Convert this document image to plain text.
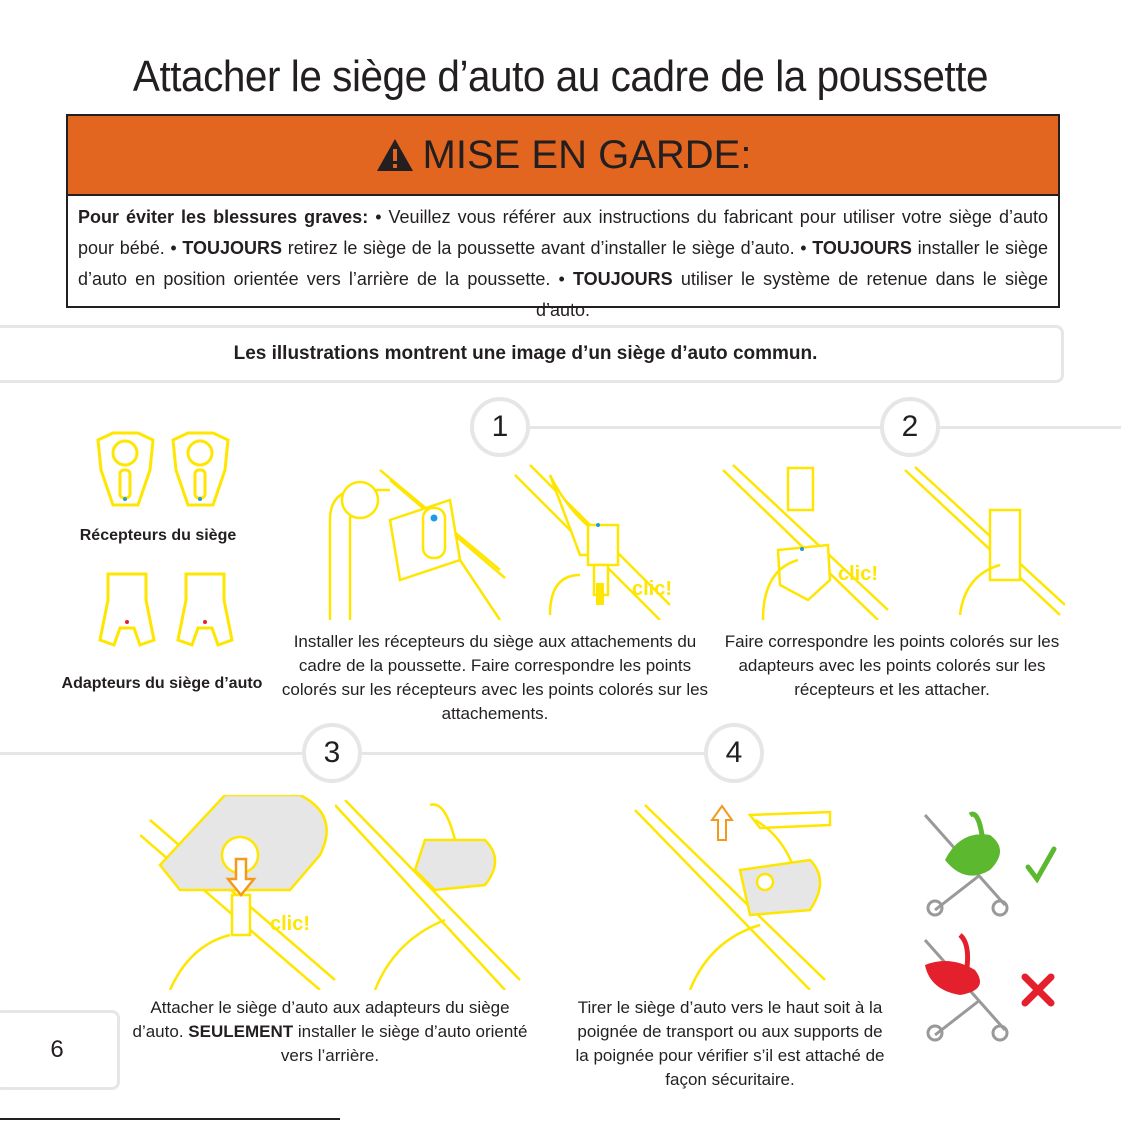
Attacher le siège d’auto au cadre de la poussette
MISE EN GARDE:
Pour éviter les blessures graves: • Veuillez vous référer aux instructions du fabricant pour utiliser votre siège d’auto pour bébé. • TOUJOURS retirez le siège de la poussette avant d’installer le siège d’auto. • TOUJOURS installer le siège d’auto en position orientée vers l’arrière de la poussette. • TOUJOURS utiliser le système de retenue dans le siège d’auto.
Les illustrations montrent une image d’un siège d’auto commun.
1	2
3	4
Récepteurs du siège
Adapteurs du siège d’auto
clic!
clic!
Installer les récepteurs du siège aux attachements du cadre de la poussette. Faire correspondre les points colorés sur les récepteurs avec les points colorés sur les attachements.
Faire correspondre les points colorés sur les adapteurs avec les points colorés sur les récepteurs et les attacher.
clic!
Attacher le siège d’auto aux adapteurs du siège d’auto. SEULEMENT installer le siège d’auto orienté vers l’arrière.
Tirer le siège d’auto vers le haut soit à la poignée de transport ou aux supports de la poignée pour vérifier s’il est attaché de façon sécuritaire.
6
